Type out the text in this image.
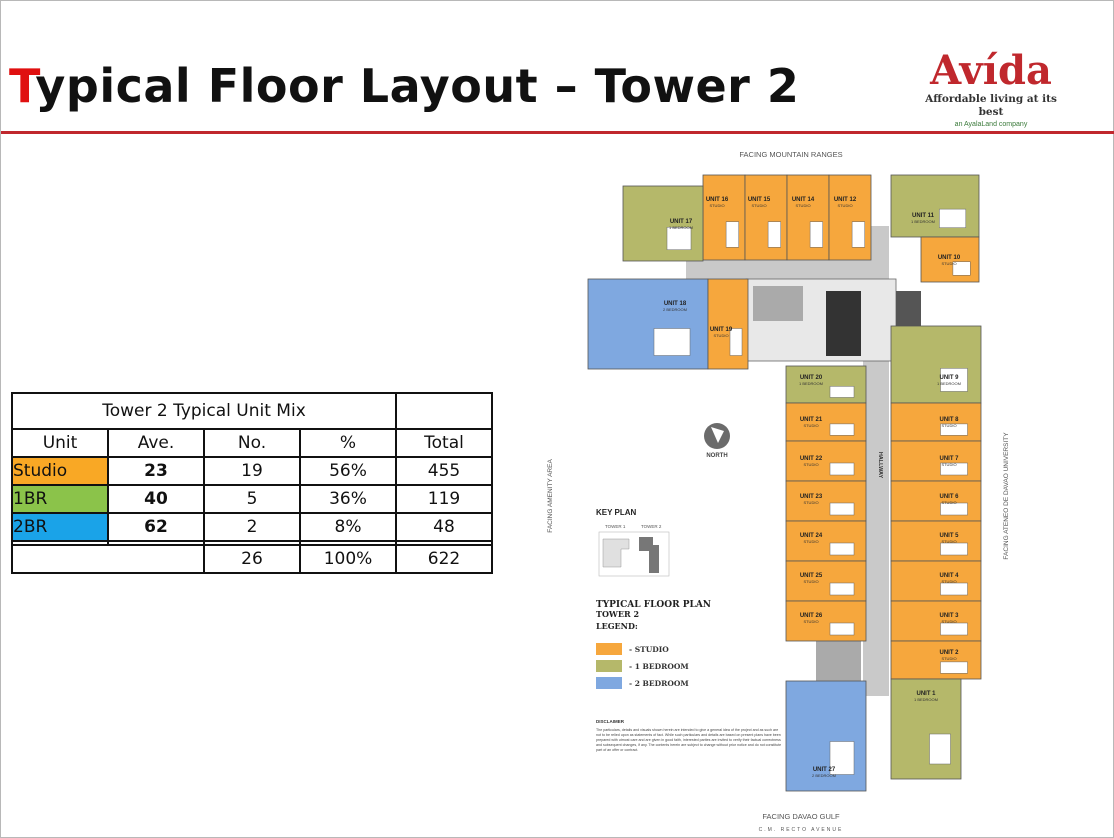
Typical Floor Layout – Tower 2	Avída
Affordable living at its best
an AyalaLand company
Tower 2 Typical Unit Mix				
Unit	Ave.	No.	%	Total
Studio	23	19	56%	455
1BR	40	5	36%	119
2BR	62	2	8%	48

		26	100%	622
UNIT 16
STUDIO
UNIT 15
STUDIO
UNIT 14
STUDIO
UNIT 12
STUDIO
UNIT 17
1 BEDROOM
UNIT 11
1 BEDROOM
UNIT 10
STUDIO
UNIT 18
2 BEDROOM
UNIT 19
STUDIO
UNIT 20
1 BEDROOM
UNIT 9
1 BEDROOM
UNIT 21
STUDIO
UNIT 8
STUDIO
UNIT 22
STUDIO
UNIT 7
STUDIO
UNIT 23
STUDIO
UNIT 6
STUDIO
UNIT 24
STUDIO
UNIT 5
STUDIO
UNIT 25
STUDIO
UNIT 4
STUDIO
UNIT 26
STUDIO
UNIT 3
STUDIO
UNIT 2
STUDIO
UNIT 1
1 BEDROOM
UNIT 27
2 BEDROOM
FACING MOUNTAIN RANGES
FACING DAVAO GULF
C.M. RECTO AVENUE
FACING AMENITY AREA	FACING ATENEO DE DAVAO UNIVERSITY
HALLWAY
NORTH
KEY PLAN
TOWER 1	TOWER 2
TYPICAL FLOOR PLAN
TOWER 2
LEGEND:
- STUDIO
- 1 BEDROOM
- 2 BEDROOM
DISCLAIMER
The particulars, details and visuals shown herein are intended to give a general idea of the project and as such are not to be relied upon as statements of fact. While such particulars and details are based on present plans have been prepared with utmost care and are given in good faith, interested parties are invited to verify their factual correctness and subsequent changes, if any. The contents herein are subject to change without prior notice and do not constitute part of an offer or contract.
